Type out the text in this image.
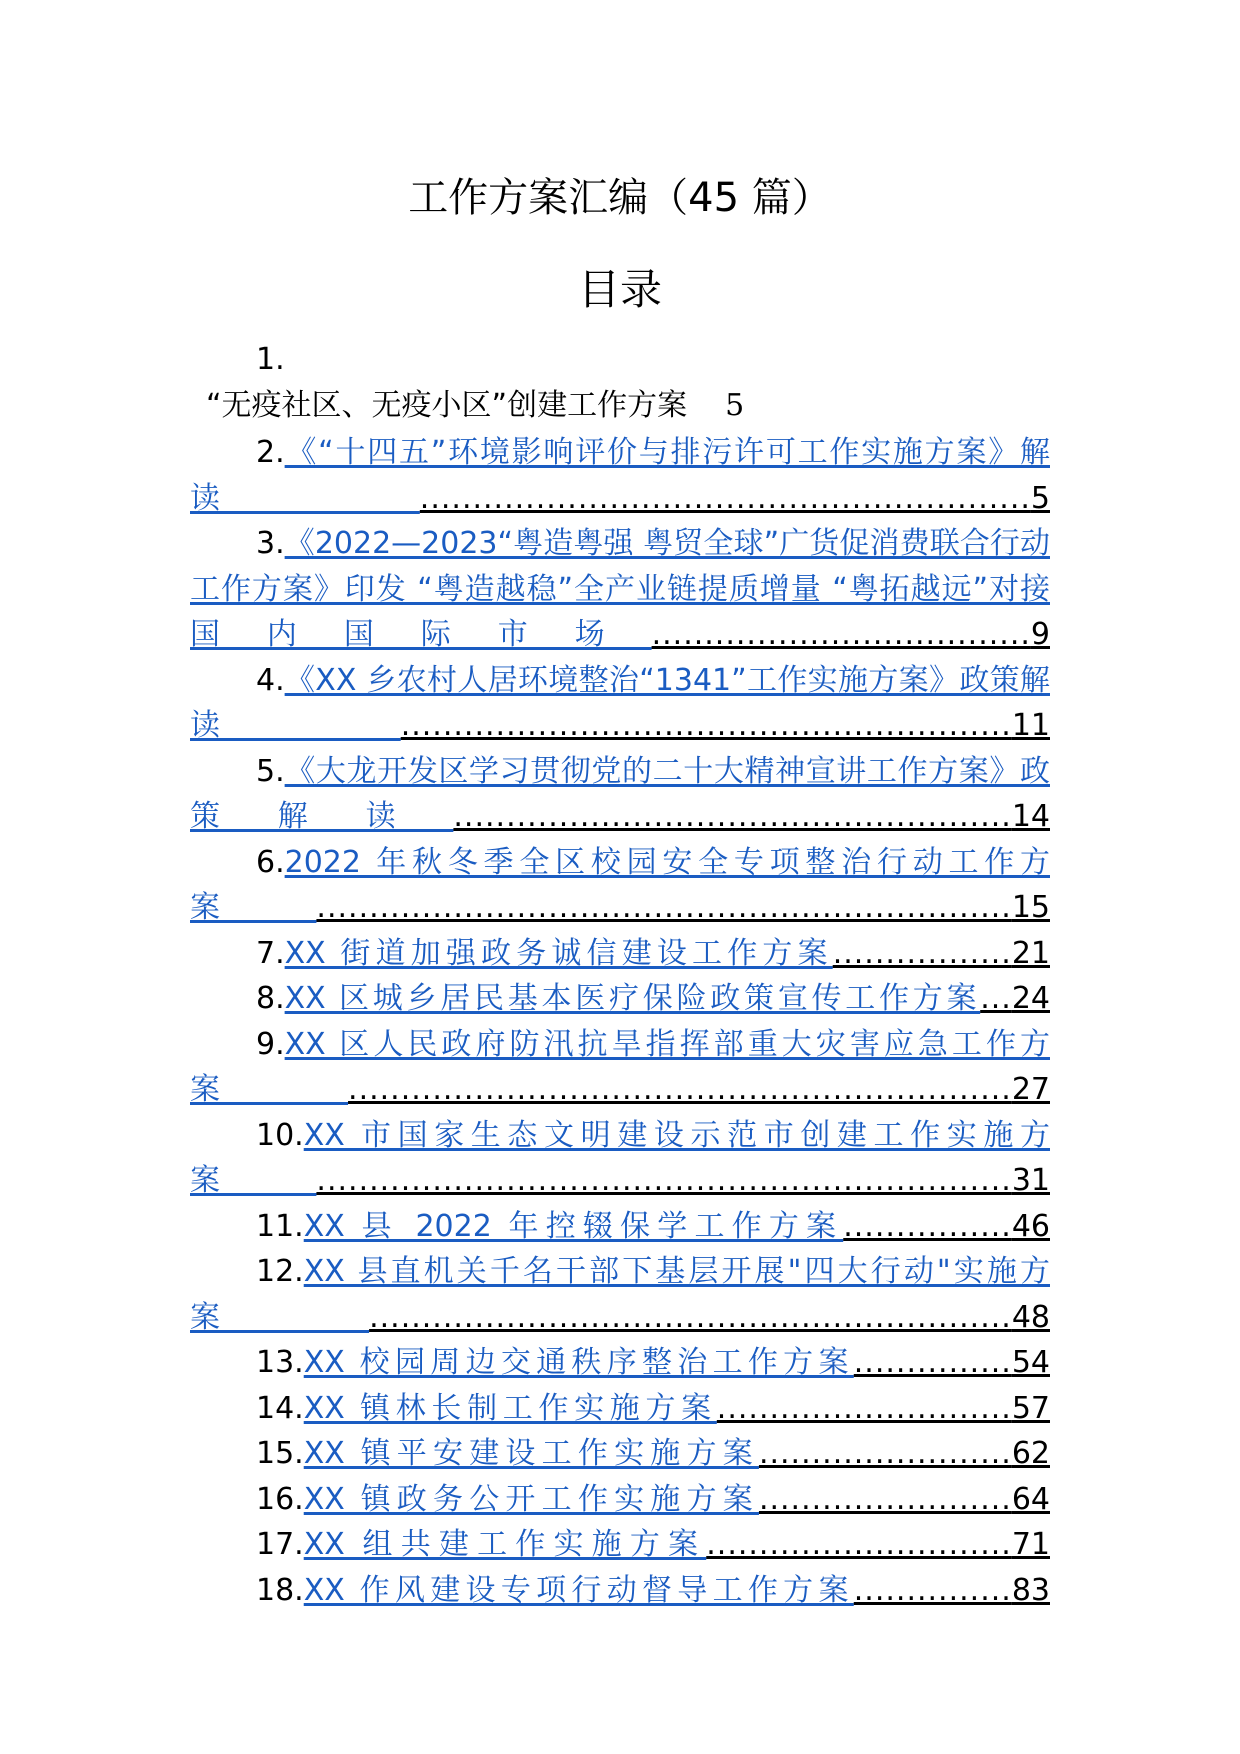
工作方案汇编（45 篇）
目录
1.
“无疫社区、无疫小区”创建工作方案 5
2.《“十四五”环境影响评价与排污许可工作实施方案》解读..........................................................5
3.《2022—2023“粤造粤强 粤贸全球”广货促消费联合行动工作方案》印发 “粤造越稳”全产业链提质增量 “粤拓越远”对接国内国际市场....................................9
4.《XX 乡农村人居环境整治“1341”工作实施方案》政策解读..........................................................11
5.《大龙开发区学习贯彻党的二十大精神宣讲工作方案》政策解读.....................................................14
6.2022 年秋冬季全区校园安全专项整治行动工作方案..................................................................15
7.XX 街道加强政务诚信建设工作方案.................21
8.XX 区城乡居民基本医疗保险政策宣传工作方案...24
9.XX 区人民政府防汛抗旱指挥部重大灾害应急工作方案...............................................................27
10.XX 市国家生态文明建设示范市创建工作实施方案..................................................................31
11.XX 县 2022 年控辍保学工作方案................46
12.XX 县直机关千名干部下基层开展"四大行动"实施方案.............................................................48
13.XX 校园周边交通秩序整治工作方案...............54
14.XX 镇林长制工作实施方案............................57
15.XX 镇平安建设工作实施方案........................62
16.XX 镇政务公开工作实施方案........................64
17.XX 组共建工作实施方案.............................71
18.XX 作风建设专项行动督导工作方案...............83
